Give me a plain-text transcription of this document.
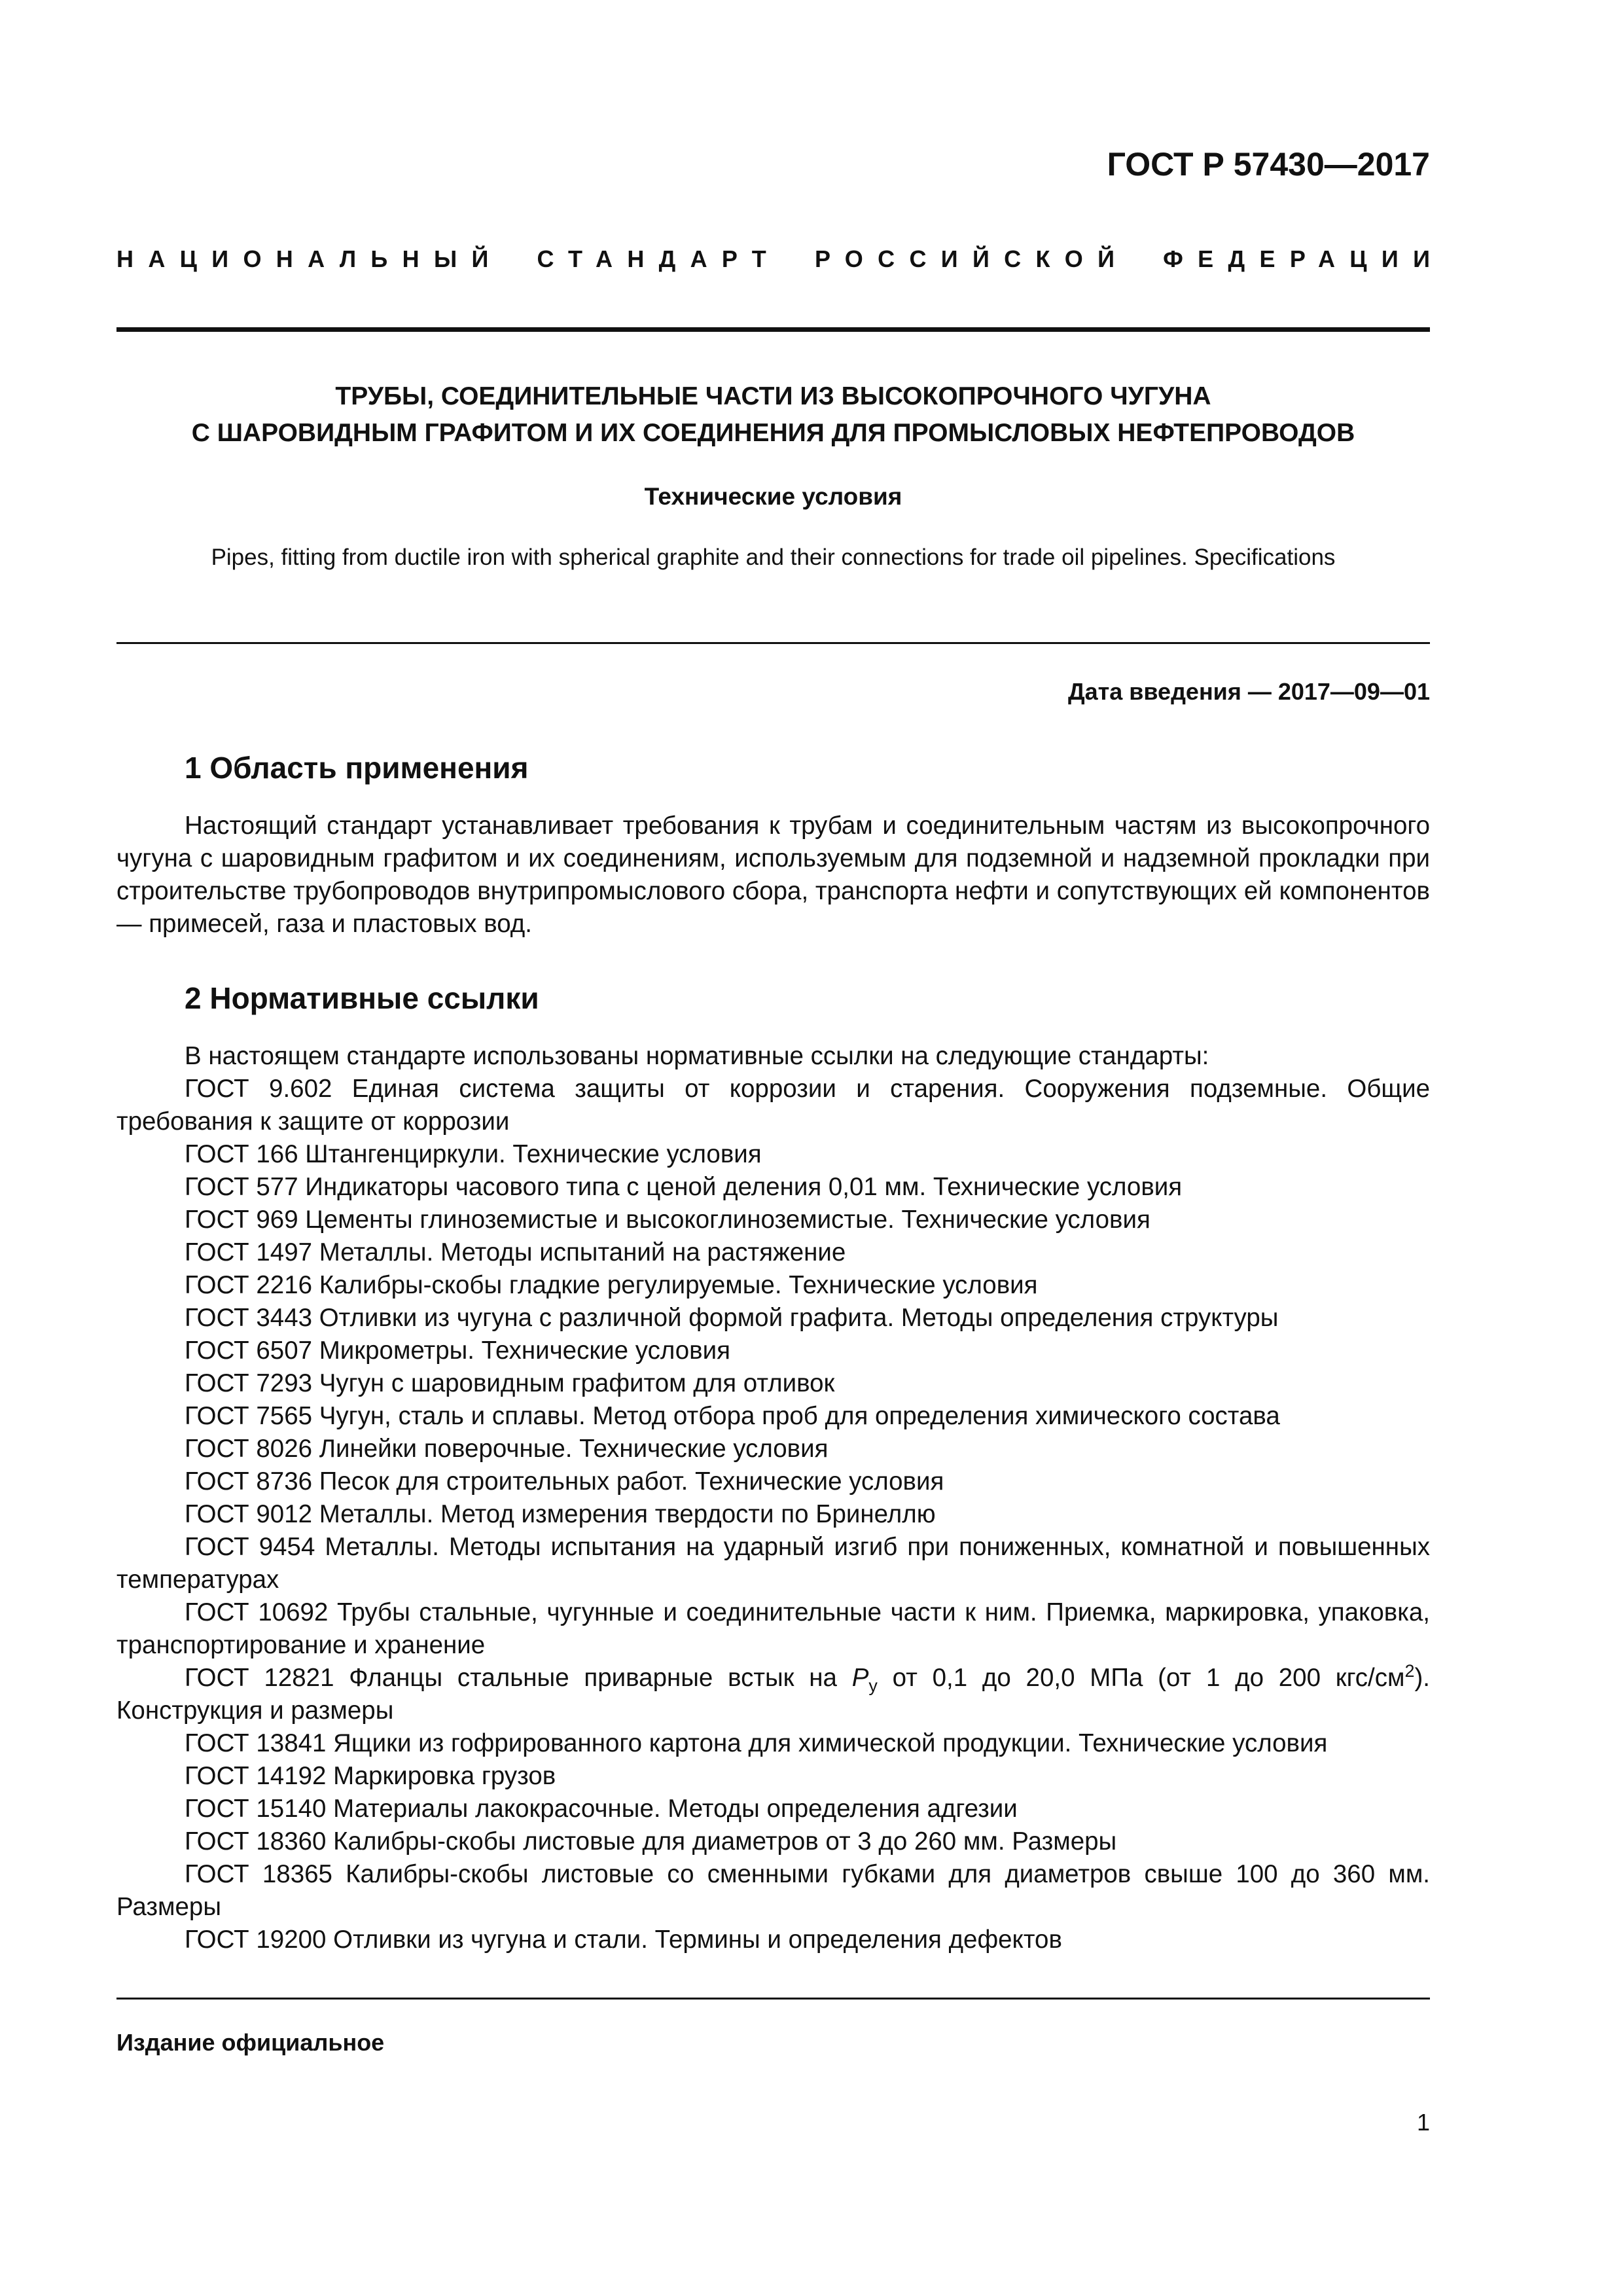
ГОСТ Р 57430—2017
НАЦИОНАЛЬНЫЙ СТАНДАРТ РОССИЙСКОЙ ФЕДЕРАЦИИ
ТРУБЫ, СОЕДИНИТЕЛЬНЫЕ ЧАСТИ ИЗ ВЫСОКОПРОЧНОГО ЧУГУНА
С ШАРОВИДНЫМ ГРАФИТОМ И ИХ СОЕДИНЕНИЯ ДЛЯ ПРОМЫСЛОВЫХ НЕФТЕПРОВОДОВ
Технические условия
Pipes, fitting from ductile iron with spherical graphite and their connections for trade oil pipelines. Specifications
Дата введения — 2017—09—01
1 Область применения

Настоящий стандарт устанавливает требования к трубам и соединительным частям из высокопрочного чугуна с шаровидным графитом и их соединениям, используемым для подземной и надземной прокладки при строительстве трубопроводов внутрипромыслового сбора, транспорта нефти и сопутствующих ей компонентов — примесей, газа и пластовых вод.

2 Нормативные ссылки

В настоящем стандарте использованы нормативные ссылки на следующие стандарты:

ГОСТ 9.602 Единая система защиты от коррозии и старения. Сооружения подземные. Общие требования к защите от коррозии

ГОСТ 166 Штангенциркули. Технические условия

ГОСТ 577 Индикаторы часового типа с ценой деления 0,01 мм. Технические условия

ГОСТ 969 Цементы глиноземистые и высокоглиноземистые. Технические условия

ГОСТ 1497 Металлы. Методы испытаний на растяжение

ГОСТ 2216 Калибры-скобы гладкие регулируемые. Технические условия

ГОСТ 3443 Отливки из чугуна с различной формой графита. Методы определения структуры

ГОСТ 6507 Микрометры. Технические условия

ГОСТ 7293 Чугун с шаровидным графитом для отливок

ГОСТ 7565 Чугун, сталь и сплавы. Метод отбора проб для определения химического состава

ГОСТ 8026 Линейки поверочные. Технические условия

ГОСТ 8736 Песок для строительных работ. Технические условия

ГОСТ 9012 Металлы. Метод измерения твердости по Бринеллю

ГОСТ 9454 Металлы. Методы испытания на ударный изгиб при пониженных, комнатной и повышенных температурах

ГОСТ 10692 Трубы стальные, чугунные и соединительные части к ним. Приемка, маркировка, упаковка, транспортирование и хранение

ГОСТ 12821 Фланцы стальные приварные встык на $P_у$ от 0,1 до 20,0 МПа (от 1 до 200 кгс/$см^2$). Конструкция и размеры

ГОСТ 13841 Ящики из гофрированного картона для химической продукции. Технические условия

ГОСТ 14192 Маркировка грузов

ГОСТ 15140 Материалы лакокрасочные. Методы определения адгезии

ГОСТ 18360 Калибры-скобы листовые для диаметров от 3 до 260 мм. Размеры

ГОСТ 18365 Калибры-скобы листовые со сменными губками для диаметров свыше 100 до 360 мм. Размеры

ГОСТ 19200 Отливки из чугуна и стали. Термины и определения дефектов

Издание официальное
1
